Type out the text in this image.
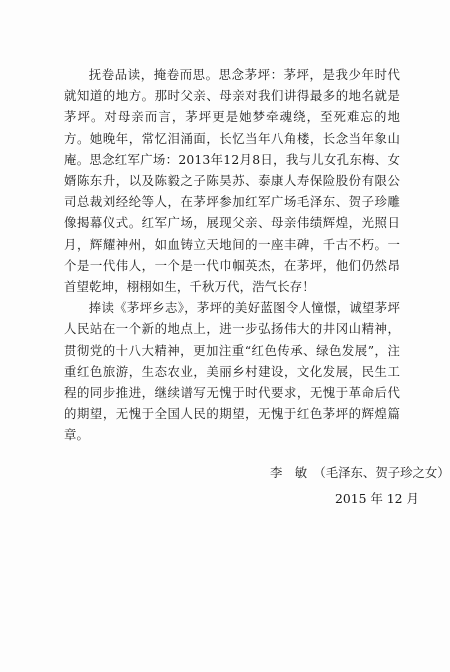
抚卷品读，掩卷而思。思念茅坪：茅坪，是我少年时代就知道的地方。那时父亲、母亲对我们讲得最多的地名就是茅坪。对母亲而言，茅坪更是她梦牵魂绕，至死难忘的地方。她晚年，常忆泪涌面，长忆当年八角楼，长念当年象山庵。思念红军广场：2013年12月8日，我与儿女孔东梅、女婿陈东升，以及陈毅之子陈昊苏、泰康人寿保险股份有限公司总裁刘经纶等人，在茅坪参加红军广场毛泽东、贺子珍雕像揭幕仪式。红军广场，展现父亲、母亲伟绩辉煌，光照日月，辉耀神州，如血铸立天地间的一座丰碑，千古不朽。一个是一代伟人，一个是一代巾帼英杰，在茅坪，他们仍然昂首望乾坤，栩栩如生，千秋万代，浩气长存！

捧读《茅坪乡志》，茅坪的美好蓝图令人憧憬，诚望茅坪人民站在一个新的地点上，进一步弘扬伟大的井冈山精神，贯彻党的十八大精神，更加注重“红色传承、绿色发展”，注重红色旅游，生态农业，美丽乡村建设，文化发展，民生工程的同步推进，继续谱写无愧于时代要求，无愧于革命后代的期望，无愧于全国人民的期望，无愧于红色茅坪的辉煌篇章。

李　敏　（毛泽东、贺子珍之女）
2015 年 12 月
